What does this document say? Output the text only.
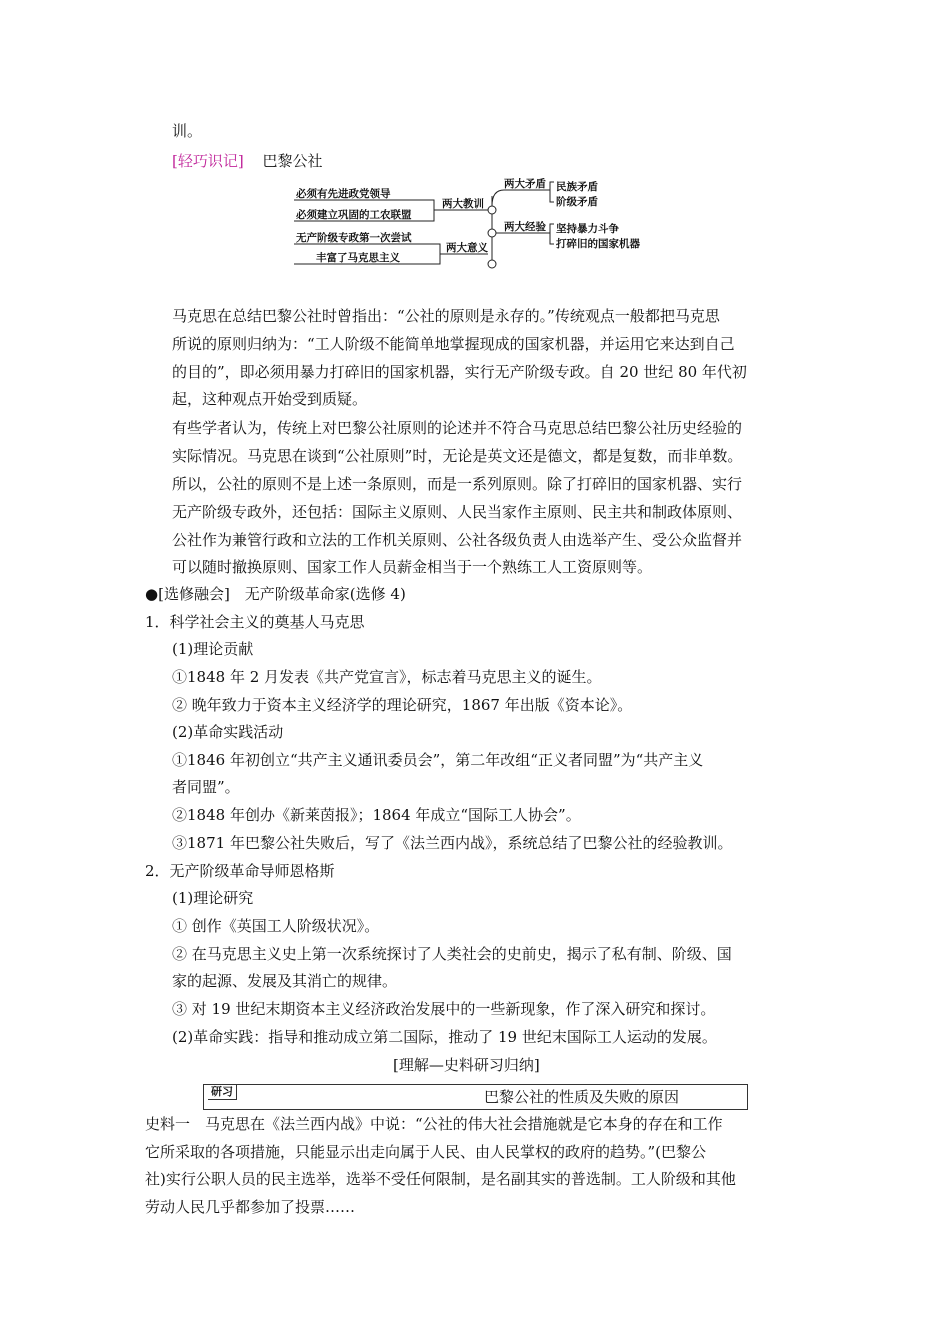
训。
[轻巧识记] 巴黎公社
必须有先进政党领导
必须建立巩固的工农联盟
两大教训
无产阶级专政第一次尝试
丰富了马克思主义
两大意义
两大矛盾 民族矛盾
阶级矛盾
两大经验 坚持暴力斗争
打碎旧的国家机器
马克思在总结巴黎公社时曾指出：“公社的原则是永存的。”传统观点一般都把马克思
所说的原则归纳为：“工人阶级不能简单地掌握现成的国家机器，并运用它来达到自己
的目的”，即必须用暴力打碎旧的国家机器，实行无产阶级专政。自 20 世纪 80 年代初
起，这种观点开始受到质疑。
有些学者认为，传统上对巴黎公社原则的论述并不符合马克思总结巴黎公社历史经验的
实际情况。马克思在谈到“公社原则”时，无论是英文还是德文，都是复数，而非单数。
所以，公社的原则不是上述一条原则，而是一系列原则。除了打碎旧的国家机器、实行
无产阶级专政外，还包括：国际主义原则、人民当家作主原则、民主共和制政体原则、
公社作为兼管行政和立法的工作机关原则、公社各级负责人由选举产生、受公众监督并
可以随时撤换原则、国家工作人员薪金相当于一个熟练工人工资原则等。
●[选修融会]　无产阶级革命家(选修 4)
1．科学社会主义的奠基人马克思
(1)理论贡献
①1848 年 2 月发表《共产党宣言》，标志着马克思主义的诞生。
② 晚年致力于资本主义经济学的理论研究，1867 年出版《资本论》。
(2)革命实践活动
①1846 年初创立“共产主义通讯委员会”，第二年改组“正义者同盟”为“共产主义
者同盟”。
②1848 年创办《新莱茵报》；1864 年成立“国际工人协会”。
③1871 年巴黎公社失败后，写了《法兰西内战》，系统总结了巴黎公社的经验教训。
2．无产阶级革命导师恩格斯
(1)理论研究
① 创作《英国工人阶级状况》。
② 在马克思主义史上第一次系统探讨了人类社会的史前史，揭示了私有制、阶级、国
家的起源、发展及其消亡的规律。
③ 对 19 世纪末期资本主义经济政治发展中的一些新现象，作了深入研究和探讨。
(2)革命实践：指导和推动成立第二国际，推动了 19 世纪末国际工人运动的发展。
[理解—史料研习归纳]
研习	巴黎公社的性质及失败的原因
史料一　马克思在《法兰西内战》中说：“公社的伟大社会措施就是它本身的存在和工作
它所采取的各项措施，只能显示出走向属于人民、由人民掌权的政府的趋势。”(巴黎公
社)实行公职人员的民主选举，选举不受任何限制，是名副其实的普选制。工人阶级和其他
劳动人民几乎都参加了投票……
